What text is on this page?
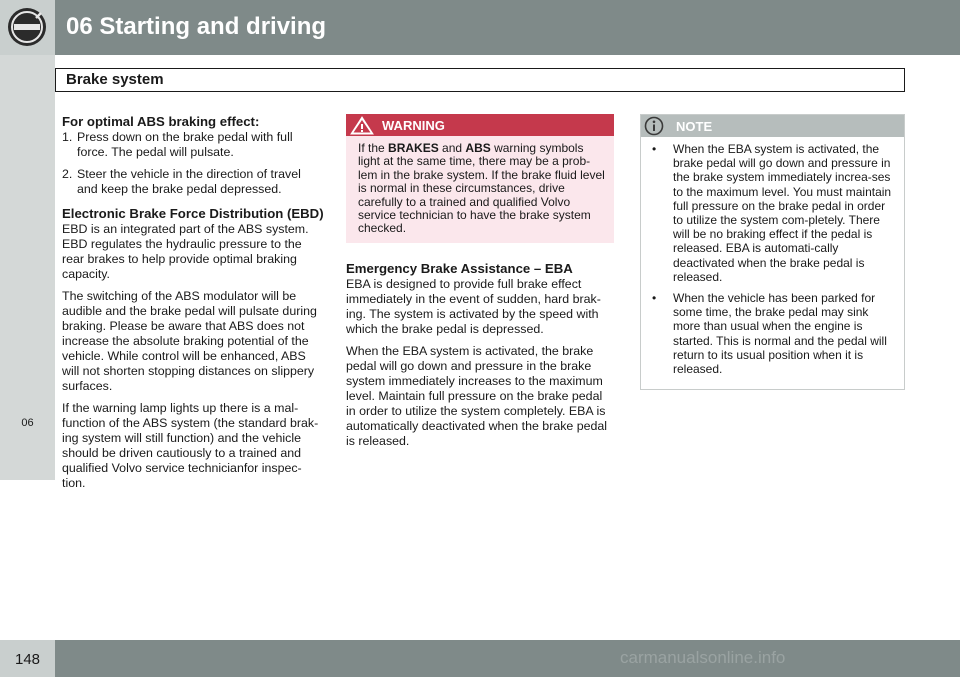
06 Starting and driving
Brake system
06
For optimal ABS braking effect:
1. Press down on the brake pedal with full force. The pedal will pulsate.
2. Steer the vehicle in the direction of travel and keep the brake pedal depressed.
Electronic Brake Force Distribution (EBD)

EBD is an integrated part of the ABS system. EBD regulates the hydraulic pressure to the rear brakes to help provide optimal braking capacity.

The switching of the ABS modulator will be audible and the brake pedal will pulsate during braking. Please be aware that ABS does not increase the absolute braking potential of the vehicle. While control will be enhanced, ABS will not shorten stopping distances on slippery surfaces.

If the warning lamp lights up there is a mal-function of the ABS system (the standard brak-ing system will still function) and the vehicle should be driven cautiously to a trained and qualified Volvo service technicianfor inspec-tion.

WARNING
If the BRAKES and ABS warning symbols light at the same time, there may be a prob-lem in the brake system. If the brake fluid level is normal in these circumstances, drive carefully to a trained and qualified Volvo service technician to have the brake system checked.
Emergency Brake Assistance – EBA

EBA is designed to provide full brake effect immediately in the event of sudden, hard brak-ing. The system is activated by the speed with which the brake pedal is depressed.

When the EBA system is activated, the brake pedal will go down and pressure in the brake system immediately increases to the maximum level. Maintain full pressure on the brake pedal in order to utilize the system completely. EBA is automatically deactivated when the brake pedal is released.

NOTE
• When the EBA system is activated, the brake pedal will go down and pressure in the brake system immediately increa-ses to the maximum level. You must maintain full pressure on the brake pedal in order to utilize the system com-pletely. There will be no braking effect if the pedal is released. EBA is automati-cally deactivated when the brake pedal is released.
• When the vehicle has been parked for some time, the brake pedal may sink more than usual when the engine is started. This is normal and the pedal will return to its usual position when it is released.
148	carmanualsonline.info
